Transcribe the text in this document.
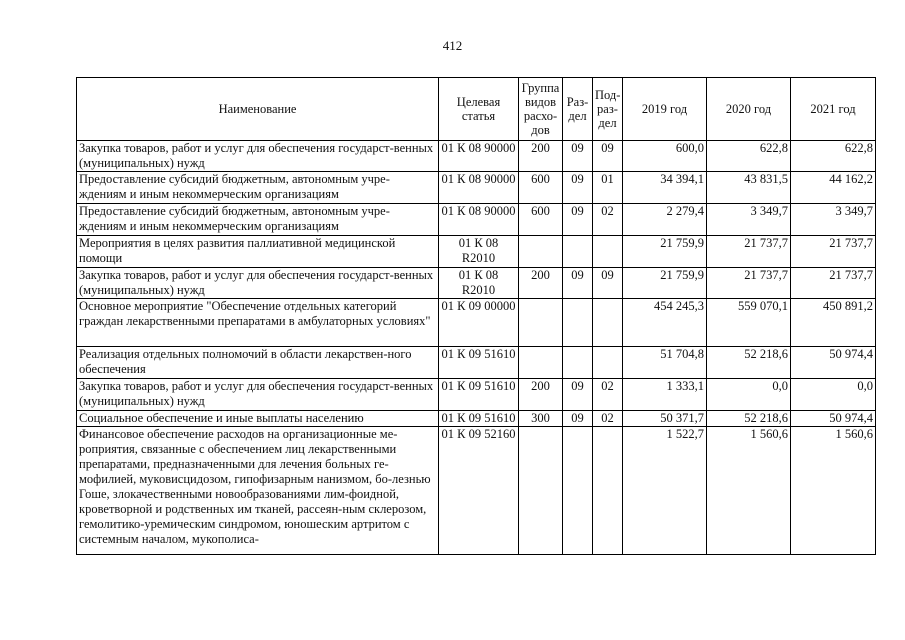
412
Наименование	Целевая статья	Группа видов расхо-дов	Раз-дел	Под-раз-дел	2019 год	2020 год	2021 год
Закупка товаров, работ и услуг для обеспечения государст-венных (муниципальных) нужд	01 К 08 90000	200	09	09	600,0	622,8	622,8
Предоставление субсидий бюджетным, автономным учре-ждениям и иным некоммерческим организациям	01 К 08 90000	600	09	01	34 394,1	43 831,5	44 162,2
Предоставление субсидий бюджетным, автономным учре-ждениям и иным некоммерческим организациям	01 К 08 90000	600	09	02	2 279,4	3 349,7	3 349,7
Мероприятия в целях развития паллиативной медицинской помощи	01 К 08 R2010				21 759,9	21 737,7	21 737,7
Закупка товаров, работ и услуг для обеспечения государст-венных (муниципальных) нужд	01 К 08 R2010	200	09	09	21 759,9	21 737,7	21 737,7
Основное мероприятие "Обеспечение отдельных категорий граждан лекарственными препаратами в амбулаторных условиях"	01 К 09 00000				454 245,3	559 070,1	450 891,2
Реализация отдельных полномочий в области лекарствен-ного обеспечения	01 К 09 51610				51 704,8	52 218,6	50 974,4
Закупка товаров, работ и услуг для обеспечения государст-венных (муниципальных) нужд	01 К 09 51610	200	09	02	1 333,1	0,0	0,0
Социальное обеспечение и иные выплаты населению	01 К 09 51610	300	09	02	50 371,7	52 218,6	50 974,4
Финансовое обеспечение расходов на организационные ме-роприятия, связанные с обеспечением лиц лекарственными препаратами, предназначенными для лечения больных ге-мофилией, муковисцидозом, гипофизарным нанизмом, бо-лезнью Гоше, злокачественными новообразованиями лим-фоидной, кроветворной и родственных им тканей, рассеян-ным склерозом, гемолитико-уремическим синдромом, юношеским артритом с системным началом, мукополиса-	01 К 09 52160				1 522,7	1 560,6	1 560,6
